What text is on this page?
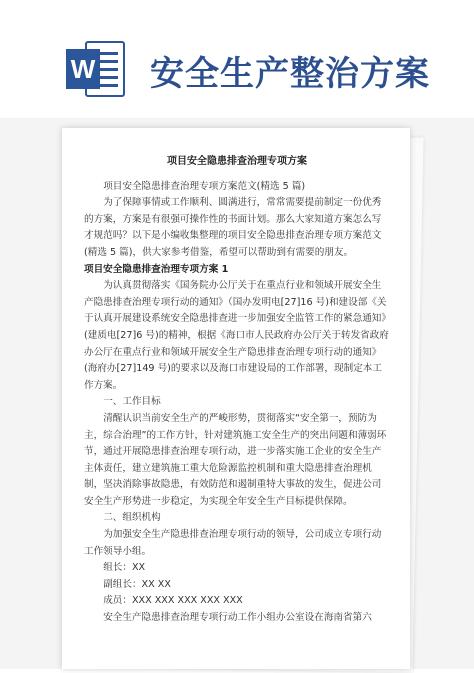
W 安全生产整治方案
项目安全隐患排查治理专项方案

项目安全隐患排查治理专项方案范文(精选 5 篇)

为了保障事情或工作顺利、圆满进行，常常需要提前制定一份优秀的方案，方案是有很强可操作性的书面计划。那么大家知道方案怎么写才规范吗？以下是小编收集整理的项目安全隐患排查治理专项方案范文(精选 5 篇)，供大家参考借鉴，希望可以帮助到有需要的朋友。

项目安全隐患排查治理专项方案 1

为认真贯彻落实《国务院办公厅关于在重点行业和领域开展安全生产隐患排查治理专项行动的通知》（国办发明电[27]16 号)和建设部《关于认真开展建设系统安全隐患排查进一步加强安全监管工作的紧急通知》(建质电[27]6 号)的精神，根据《海口市人民政府办公厅关于转发省政府办公厅在重点行业和领域开展安全生产隐患排查治理专项行动的通知》(海府办[27]149 号)的要求以及海口市建设局的工作部署，现制定本工作方案。

一、工作目标

清醒认识当前安全生产的严峻形势，贯彻落实“安全第一，预防为主，综合治理”的工作方针，针对建筑施工安全生产的突出问题和薄弱环节，通过开展隐患排查治理专项行动，进一步落实施工企业的安全生产主体责任，建立建筑施工重大危险源监控机制和重大隐患排查治理机制，坚决消除事故隐患，有效防范和遏制重特大事故的发生，促进公司安全生产形势进一步稳定，为实现全年安全生产目标提供保障。

二、组织机构

为加强安全生产隐患排查治理专项行动的领导，公司成立专项行动工作领导小组。

组长：XX

副组长：XX XX

成员：XXX XXX XXX XXX XXX

安全生产隐患排查治理专项行动工作小组办公室设在海南省第六
